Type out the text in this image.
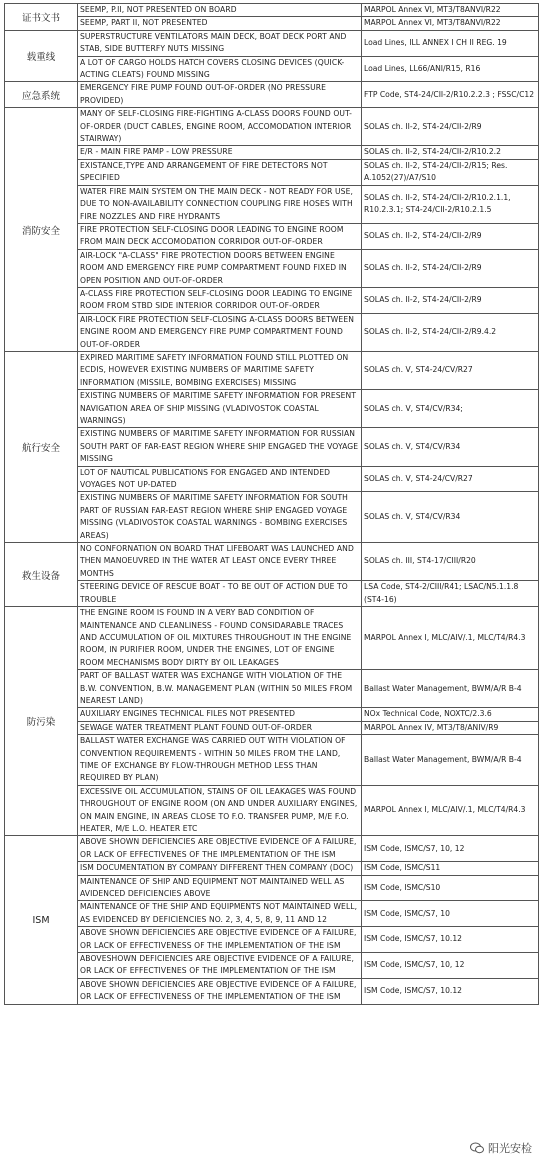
证书文书	SEEMP, P.II, NOT PRESENTED ON BOARD	MARPOL Annex VI, MT3/T8ANVI/R22
	SEEMP, PART II, NOT PRESENTED	MARPOL Annex VI, MT3/T8ANVI/R22
载重线	SUPERSTRUCTURE VENTILATORS MAIN DECK, BOAT DECK PORT AND STAB, SIDE BUTTERFY NUTS MISSING	Load Lines, ILL ANNEX I CH II REG. 19
	A LOT OF CARGO HOLDS HATCH COVERS CLOSING DEVICES (QUICK-ACTING CLEATS) FOUND MISSING	Load Lines, LL66/ANI/R15, R16
应急系统	EMERGENCY FIRE PUMP FOUND OUT-OF-ORDER (NO PRESSURE PROVIDED)	FTP Code, ST4-24/CII-2/R10.2.2.3 ; FSSC/C12
消防安全	MANY OF SELF-CLOSING FIRE-FIGHTING A-CLASS DOORS FOUND OUT-OF-ORDER (DUCT CABLES, ENGINE ROOM, ACCOMODATION INTERIOR STAIRWAY)	SOLAS ch. II-2, ST4-24/CII-2/R9
	E/R - MAIN FIRE PAMP - LOW PRESSURE	SOLAS ch. II-2, ST4-24/CII-2/R10.2.2
	EXISTANCE,TYPE AND ARRANGEMENT OF FIRE DETECTORS NOT SPECIFIED	SOLAS ch. II-2, ST4-24/CII-2/R15; Res. A.1052(27)/A7/S10
	WATER FIRE MAIN SYSTEM ON THE MAIN DECK - NOT READY FOR USE, DUE TO NON-AVAILABILITY CONNECTION COUPLING FIRE HOSES WITH FIRE NOZZLES AND FIRE HYDRANTS	SOLAS ch. II-2, ST4-24/CII-2/R10.2.1.1, R10.2.3.1; ST4-24/CII-2/R10.2.1.5
	FIRE PROTECTION SELF-CLOSING DOOR LEADING TO ENGINE ROOM FROM MAIN DECK ACCOMODATION CORRIDOR OUT-OF-ORDER	SOLAS ch. II-2, ST4-24/CII-2/R9
	AIR-LOCK "A-CLASS" FIRE PROTECTION DOORS BETWEEN ENGINE ROOM AND EMERGENCY FIRE PUMP COMPARTMENT FOUND FIXED IN OPEN POSITION AND OUT-OF-ORDER	SOLAS ch. II-2, ST4-24/CII-2/R9
	A-CLASS FIRE PROTECTION SELF-CLOSING DOOR LEADING TO ENGINE ROOM FROM STBD SIDE INTERIOR CORRIDOR OUT-OF-ORDER	SOLAS ch. II-2, ST4-24/CII-2/R9
	AIR-LOCK FIRE PROTECTION SELF-CLOSING A-CLASS DOORS BETWEEN ENGINE ROOM AND EMERGENCY FIRE PUMP COMPARTMENT FOUND OUT-OF-ORDER	SOLAS ch. II-2, ST4-24/CII-2/R9.4.2
航行安全	EXPIRED MARITIME SAFETY INFORMATION FOUND STILL PLOTTED ON ECDIS, HOWEVER EXISTING NUMBERS OF MARITIME SAFETY INFORMATION (MISSILE, BOMBING EXERCISES) MISSING	SOLAS ch. V, ST4-24/CV/R27
	EXISTING NUMBERS OF MARITIME SAFETY INFORMATION FOR PRESENT NAVIGATION AREA OF SHIP MISSING (VLADIVOSTOK COASTAL WARNINGS)	SOLAS ch. V, ST4/CV/R34;
	EXISTING NUMBERS OF MARITIME SAFETY INFORMATION FOR RUSSIAN SOUTH PART OF FAR-EAST REGION WHERE SHIP ENGAGED THE VOYAGE MISSING	SOLAS ch. V, ST4/CV/R34
	LOT OF NAUTICAL PUBLICATIONS FOR ENGAGED AND INTENDED VOYAGES NOT UP-DATED	SOLAS ch. V, ST4-24/CV/R27
	EXISTING NUMBERS OF MARITIME SAFETY INFORMATION FOR SOUTH PART OF RUSSIAN FAR-EAST REGION WHERE SHIP ENGAGED VOYAGE MISSING (VLADIVOSTOK COASTAL WARNINGS - BOMBING EXERCISES AREAS)	SOLAS ch. V, ST4/CV/R34
救生设备	NO CONFORNATION ON BOARD THAT LIFEBOART WAS LAUNCHED AND THEN MANOEUVRED IN THE WATER AT LEAST ONCE EVERY THREE MONTHS	SOLAS ch. III, ST4-17/CIII/R20
	STEERING DEVICE OF RESCUE BOAT - TO BE OUT OF ACTION DUE TO TROUBLE	LSA Code, ST4-2/CIII/R41; LSAC/N5.1.1.8 (ST4-16)
防污染	THE ENGINE ROOM IS FOUND IN A VERY BAD CONDITION OF MAINTENANCE AND CLEANLINESS - FOUND CONSIDARABLE TRACES AND ACCUMULATION OF OIL MIXTURES THROUGHOUT IN THE ENGINE ROOM, IN PURIFIER ROOM, UNDER THE ENGINES, LOT OF ENGINE ROOM MECHANISMS BODY DIRTY BY OIL LEAKAGES	MARPOL Annex I, MLC/AIV/.1, MLC/T4/R4.3
	PART OF BALLAST WATER WAS EXCHANGE WITH VIOLATION OF THE B.W. CONVENTION, B.W. MANAGEMENT PLAN (WITHIN 50 MILES FROM NEAREST LAND)	Ballast Water Management, BWM/A/R B-4
	AUXILIARY ENGINES TECHNICAL FILES NOT PRESENTED	NOx Technical Code, NOXTC/2.3.6
	SEWAGE WATER TREATMENT PLANT FOUND OUT-OF-ORDER	MARPOL Annex IV, MT3/T8/ANIV/R9
	BALLAST WATER EXCHANGE WAS CARRIED OUT WITH VIOLATION OF CONVENTION REQUIREMENTS - WITHIN 50 MILES FROM THE LAND, TIME OF EXCHANGE BY FLOW-THROUGH METHOD LESS THAN REQUIRED BY PLAN)	Ballast Water Management, BWM/A/R B-4
	EXCESSIVE OIL ACCUMULATION, STAINS OF OIL LEAKAGES WAS FOUND THROUGHOUT OF ENGINE ROOM (ON AND UNDER AUXILIARY ENGINES, ON MAIN ENGINE, IN AREAS CLOSE TO F.O. TRANSFER PUMP, M/E F.O. HEATER, M/E L.O. HEATER ETC	MARPOL Annex I, MLC/AIV/.1, MLC/T4/R4.3
ISM	ABOVE SHOWN DEFICIENCIES ARE OBJECTIVE EVIDENCE OF A FAILURE, OR LACK OF EFFECTIVENES OF THE IMPLEMENTATION OF THE ISM	ISM Code, ISMC/S7, 10, 12
	ISM DOCUMENTATION BY COMPANY DIFFERENT THEN COMPANY (DOC)	ISM Code, ISMC/S11
	MAINTENANCE OF SHIP AND EQUIPMENT NOT MAINTAINED WELL AS AVIDENCED DEFICIENCIES ABOVE	ISM Code, ISMC/S10
	MAINTENANCE OF THE SHIP AND EQUIPMENTS NOT MAINTAINED WELL, AS EVIDENCED BY DEFICIENCIES NO. 2, 3, 4, 5, 8, 9, 11 AND 12	ISM Code, ISMC/S7, 10
	ABOVE SHOWN DEFICIENCIES ARE OBJECTIVE EVIDENCE OF A FAILURE, OR LACK OF EFFECTIVENESS OF THE IMPLEMENTATION OF THE ISM	ISM Code, ISMC/S7, 10.12
	ABOVESHOWN DEFICIENCIES ARE OBJECTIVE EVIDENCE OF A FAILURE, OR LACK OF EFFECTIVENES OF THE IMPLEMENTATION OF THE ISM	ISM Code, ISMC/S7, 10, 12
	ABOVE SHOWN DEFICIENCIES ARE OBJECTIVE EVIDENCE OF A FAILURE, OR LACK OF EFFECTIVENESS OF THE IMPLEMENTATION OF THE ISM	ISM Code, ISMC/S7, 10.12
阳光安检
